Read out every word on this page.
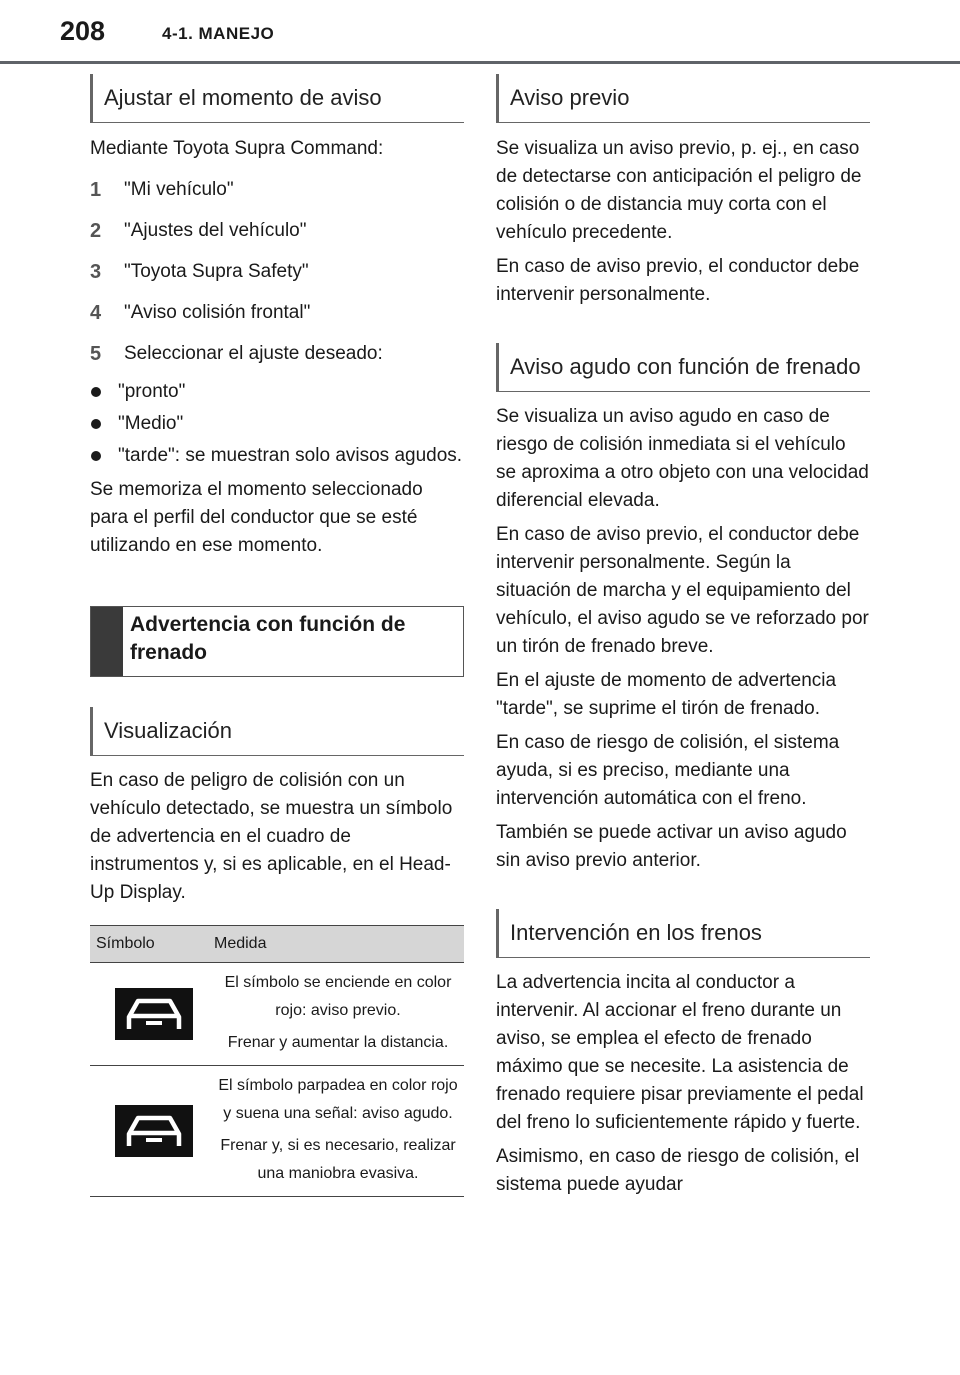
208	4-1. MANEJO
Ajustar el momento de aviso

Mediante Toyota Supra Command:

1	"Mi vehículo"
2	"Ajustes del vehículo"
3	"Toyota Supra Safety"
4	"Aviso colisión frontal"
5	Seleccionar el ajuste deseado:
"pronto"
"Medio"
"tarde": se muestran solo avisos agudos.

Se memoriza el momento seleccionado para el perfil del conductor que se esté utilizando en ese momento.

Advertencia con función de frenado
Visualización

En caso de peligro de colisión con un vehículo detectado, se muestra un símbolo de advertencia en el cuadro de instrumentos y, si es aplicable, en el Head-Up Display.

Símbolo	Medida
El símbolo se enciende en color rojo: aviso previo.
Frenar y aumentar la distancia.
El símbolo parpadea en color rojo y suena una señal: aviso agudo.
Frenar y, si es necesario, realizar una maniobra evasiva.
Aviso previo

Se visualiza un aviso previo, p. ej., en caso de detectarse con anticipación el peligro de colisión o de distancia muy corta con el vehículo precedente.

En caso de aviso previo, el conductor debe intervenir personalmente.

Aviso agudo con función de frenado

Se visualiza un aviso agudo en caso de riesgo de colisión inmediata si el vehículo se aproxima a otro objeto con una velocidad diferencial elevada.

En caso de aviso previo, el conductor debe intervenir personalmente. Según la situación de marcha y el equipamiento del vehículo, el aviso agudo se ve reforzado por un tirón de frenado breve.

En el ajuste de momento de advertencia "tarde", se suprime el tirón de frenado.

En caso de riesgo de colisión, el sistema ayuda, si es preciso, mediante una intervención automática con el freno.

También se puede activar un aviso agudo sin aviso previo anterior.

Intervención en los frenos

La advertencia incita al conductor a intervenir. Al accionar el freno durante un aviso, se emplea el efecto de frenado máximo que se necesite. La asistencia de frenado requiere pisar previamente el pedal del freno lo suficientemente rápido y fuerte.

Asimismo, en caso de riesgo de colisión, el sistema puede ayudar
